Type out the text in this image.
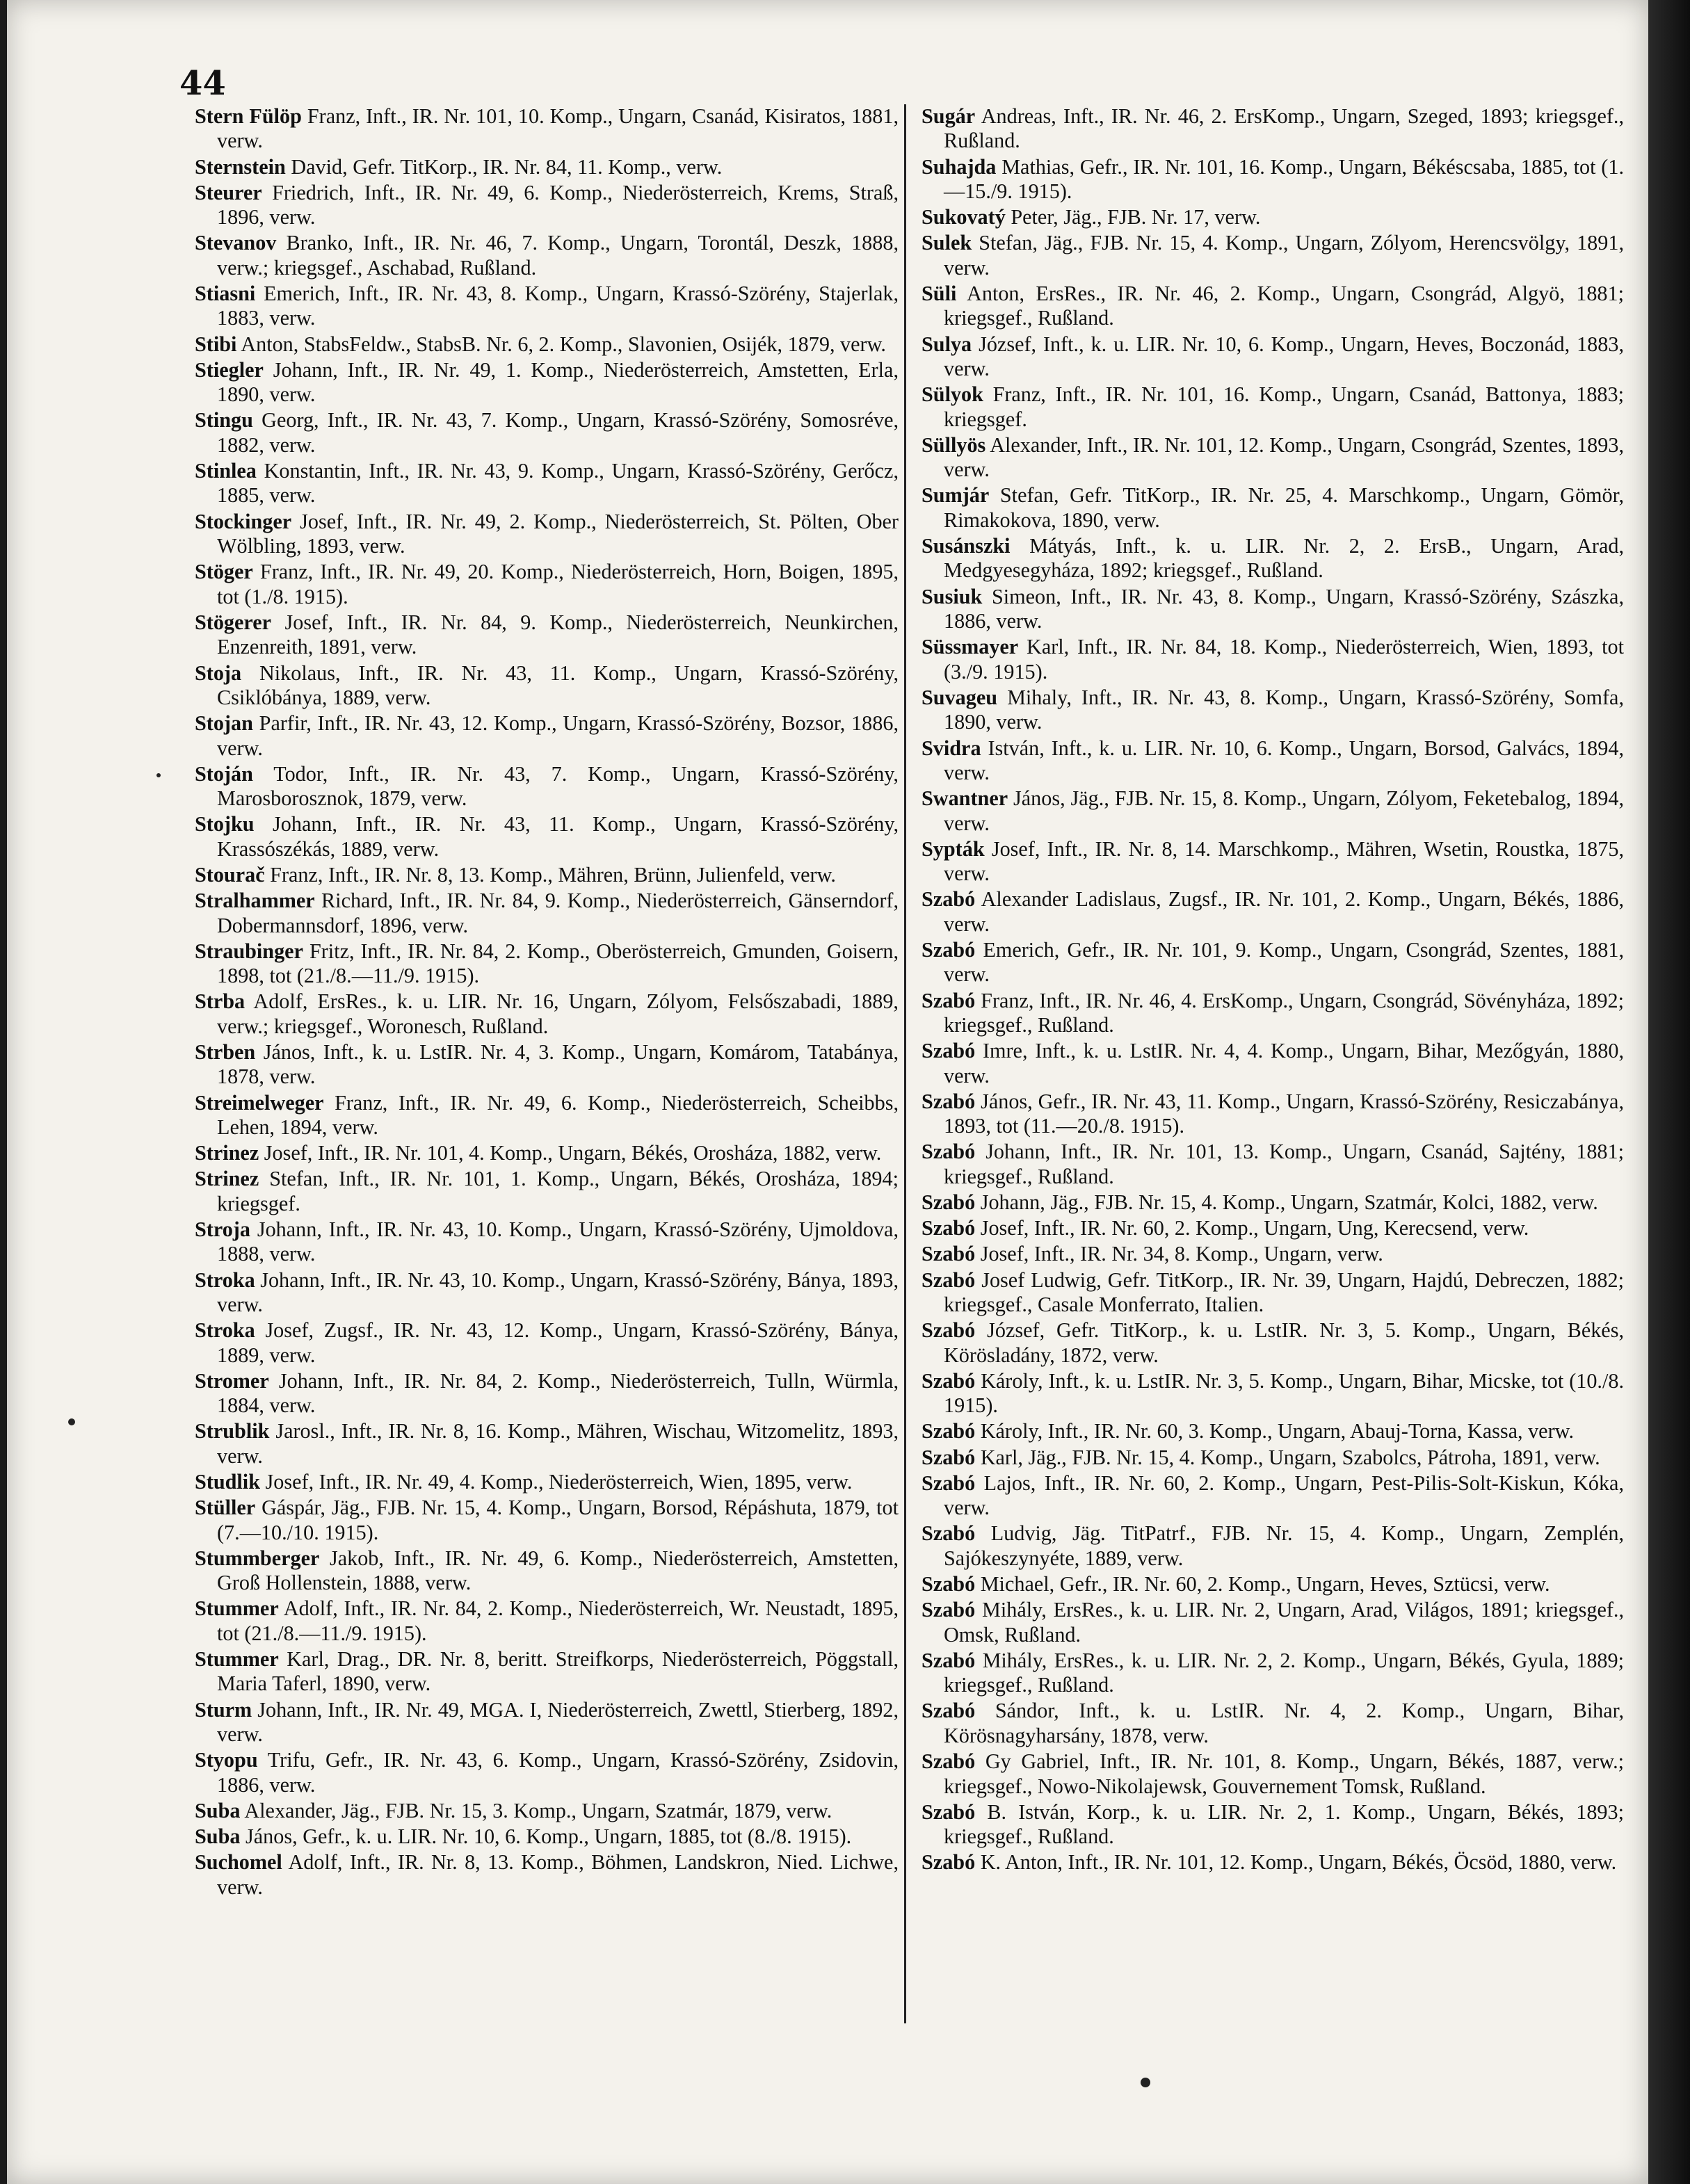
44

Stern Fülöp Franz, Inft., IR. Nr. 101, 10. Komp., Ungarn, Csanád, Kisiratos, 1881, verw.

Sternstein David, Gefr. TitKorp., IR. Nr. 84, 11. Komp., verw.

Steurer Friedrich, Inft., IR. Nr. 49, 6. Komp., Niederösterreich, Krems, Straß, 1896, verw.

Stevanov Branko, Inft., IR. Nr. 46, 7. Komp., Ungarn, Torontál, Deszk, 1888, verw.; kriegsgef., Aschabad, Rußland.

Stiasni Emerich, Inft., IR. Nr. 43, 8. Komp., Ungarn, Krassó-Szörény, Stajerlak, 1883, verw.

Stibi Anton, StabsFeldw., StabsB. Nr. 6, 2. Komp., Slavonien, Osijék, 1879, verw.

Stiegler Johann, Inft., IR. Nr. 49, 1. Komp., Niederösterreich, Amstetten, Erla, 1890, verw.

Stingu Georg, Inft., IR. Nr. 43, 7. Komp., Ungarn, Krassó-Szörény, Somosréve, 1882, verw.

Stinlea Konstantin, Inft., IR. Nr. 43, 9. Komp., Ungarn, Krassó-Szörény, Gerőcz, 1885, verw.

Stockinger Josef, Inft., IR. Nr. 49, 2. Komp., Niederösterreich, St. Pölten, Ober Wölbling, 1893, verw.

Stöger Franz, Inft., IR. Nr. 49, 20. Komp., Niederösterreich, Horn, Boigen, 1895, tot (1./8. 1915).

Stögerer Josef, Inft., IR. Nr. 84, 9. Komp., Niederösterreich, Neunkirchen, Enzenreith, 1891, verw.

Stoja Nikolaus, Inft., IR. Nr. 43, 11. Komp., Ungarn, Krassó-Szörény, Csiklóbánya, 1889, verw.

Stojan Parfir, Inft., IR. Nr. 43, 12. Komp., Ungarn, Krassó-Szörény, Bozsor, 1886, verw.

Stoján Todor, Inft., IR. Nr. 43, 7. Komp., Ungarn, Krassó-Szörény, Marosborosznok, 1879, verw.

Stojku Johann, Inft., IR. Nr. 43, 11. Komp., Ungarn, Krassó-Szörény, Krassószékás, 1889, verw.

Stourač Franz, Inft., IR. Nr. 8, 13. Komp., Mähren, Brünn, Julienfeld, verw.

Stralhammer Richard, Inft., IR. Nr. 84, 9. Komp., Niederösterreich, Gänserndorf, Dobermannsdorf, 1896, verw.

Straubinger Fritz, Inft., IR. Nr. 84, 2. Komp., Oberösterreich, Gmunden, Goisern, 1898, tot (21./8.—11./9. 1915).

Strba Adolf, ErsRes., k. u. LIR. Nr. 16, Ungarn, Zólyom, Felsőszabadi, 1889, verw.; kriegsgef., Woronesch, Rußland.

Strben János, Inft., k. u. LstIR. Nr. 4, 3. Komp., Ungarn, Komárom, Tatabánya, 1878, verw.

Streimelweger Franz, Inft., IR. Nr. 49, 6. Komp., Niederösterreich, Scheibbs, Lehen, 1894, verw.

Strinez Josef, Inft., IR. Nr. 101, 4. Komp., Ungarn, Békés, Orosháza, 1882, verw.

Strinez Stefan, Inft., IR. Nr. 101, 1. Komp., Ungarn, Békés, Orosháza, 1894; kriegsgef.

Stroja Johann, Inft., IR. Nr. 43, 10. Komp., Ungarn, Krassó-Szörény, Ujmoldova, 1888, verw.

Stroka Johann, Inft., IR. Nr. 43, 10. Komp., Ungarn, Krassó-Szörény, Bánya, 1893, verw.

Stroka Josef, Zugsf., IR. Nr. 43, 12. Komp., Ungarn, Krassó-Szörény, Bánya, 1889, verw.

Stromer Johann, Inft., IR. Nr. 84, 2. Komp., Niederösterreich, Tulln, Würmla, 1884, verw.

Strublik Jarosl., Inft., IR. Nr. 8, 16. Komp., Mähren, Wischau, Witzomelitz, 1893, verw.

Studlik Josef, Inft., IR. Nr. 49, 4. Komp., Niederösterreich, Wien, 1895, verw.

Stüller Gáspár, Jäg., FJB. Nr. 15, 4. Komp., Ungarn, Borsod, Répáshuta, 1879, tot (7.—10./10. 1915).

Stummberger Jakob, Inft., IR. Nr. 49, 6. Komp., Niederösterreich, Amstetten, Groß Hollenstein, 1888, verw.

Stummer Adolf, Inft., IR. Nr. 84, 2. Komp., Niederösterreich, Wr. Neustadt, 1895, tot (21./8.—11./9. 1915).

Stummer Karl, Drag., DR. Nr. 8, beritt. Streifkorps, Niederösterreich, Pöggstall, Maria Taferl, 1890, verw.

Sturm Johann, Inft., IR. Nr. 49, MGA. I, Niederösterreich, Zwettl, Stierberg, 1892, verw.

Styopu Trifu, Gefr., IR. Nr. 43, 6. Komp., Ungarn, Krassó-Szörény, Zsidovin, 1886, verw.

Suba Alexander, Jäg., FJB. Nr. 15, 3. Komp., Ungarn, Szatmár, 1879, verw.

Suba János, Gefr., k. u. LIR. Nr. 10, 6. Komp., Ungarn, 1885, tot (8./8. 1915).

Suchomel Adolf, Inft., IR. Nr. 8, 13. Komp., Böhmen, Landskron, Nied. Lichwe, verw.

Sugár Andreas, Inft., IR. Nr. 46, 2. ErsKomp., Ungarn, Szeged, 1893; kriegsgef., Rußland.

Suhajda Mathias, Gefr., IR. Nr. 101, 16. Komp., Ungarn, Békéscsaba, 1885, tot (1.—15./9. 1915).

Sukovatý Peter, Jäg., FJB. Nr. 17, verw.

Sulek Stefan, Jäg., FJB. Nr. 15, 4. Komp., Ungarn, Zólyom, Herencsvölgy, 1891, verw.

Süli Anton, ErsRes., IR. Nr. 46, 2. Komp., Ungarn, Csongrád, Algyö, 1881; kriegsgef., Rußland.

Sulya József, Inft., k. u. LIR. Nr. 10, 6. Komp., Ungarn, Heves, Boczonád, 1883, verw.

Sülyok Franz, Inft., IR. Nr. 101, 16. Komp., Ungarn, Csanád, Battonya, 1883; kriegsgef.

Süllyös Alexander, Inft., IR. Nr. 101, 12. Komp., Ungarn, Csongrád, Szentes, 1893, verw.

Sumjár Stefan, Gefr. TitKorp., IR. Nr. 25, 4. Marschkomp., Ungarn, Gömör, Rimakokova, 1890, verw.

Susánszki Mátyás, Inft., k. u. LIR. Nr. 2, 2. ErsB., Ungarn, Arad, Medgyesegyháza, 1892; kriegsgef., Rußland.

Susiuk Simeon, Inft., IR. Nr. 43, 8. Komp., Ungarn, Krassó-Szörény, Szászka, 1886, verw.

Süssmayer Karl, Inft., IR. Nr. 84, 18. Komp., Niederösterreich, Wien, 1893, tot (3./9. 1915).

Suvageu Mihaly, Inft., IR. Nr. 43, 8. Komp., Ungarn, Krassó-Szörény, Somfa, 1890, verw.

Svidra István, Inft., k. u. LIR. Nr. 10, 6. Komp., Ungarn, Borsod, Galvács, 1894, verw.

Swantner János, Jäg., FJB. Nr. 15, 8. Komp., Ungarn, Zólyom, Feketebalog, 1894, verw.

Sypták Josef, Inft., IR. Nr. 8, 14. Marschkomp., Mähren, Wsetin, Roustka, 1875, verw.

Szabó Alexander Ladislaus, Zugsf., IR. Nr. 101, 2. Komp., Ungarn, Békés, 1886, verw.

Szabó Emerich, Gefr., IR. Nr. 101, 9. Komp., Ungarn, Csongrád, Szentes, 1881, verw.

Szabó Franz, Inft., IR. Nr. 46, 4. ErsKomp., Ungarn, Csongrád, Sövényháza, 1892; kriegsgef., Rußland.

Szabó Imre, Inft., k. u. LstIR. Nr. 4, 4. Komp., Ungarn, Bihar, Mezőgyán, 1880, verw.

Szabó János, Gefr., IR. Nr. 43, 11. Komp., Ungarn, Krassó-Szörény, Resiczabánya, 1893, tot (11.—20./8. 1915).

Szabó Johann, Inft., IR. Nr. 101, 13. Komp., Ungarn, Csanád, Sajtény, 1881; kriegsgef., Rußland.

Szabó Johann, Jäg., FJB. Nr. 15, 4. Komp., Ungarn, Szatmár, Kolci, 1882, verw.

Szabó Josef, Inft., IR. Nr. 60, 2. Komp., Ungarn, Ung, Kerecsend, verw.

Szabó Josef, Inft., IR. Nr. 34, 8. Komp., Ungarn, verw.

Szabó Josef Ludwig, Gefr. TitKorp., IR. Nr. 39, Ungarn, Hajdú, Debreczen, 1882; kriegsgef., Casale Monferrato, Italien.

Szabó József, Gefr. TitKorp., k. u. LstIR. Nr. 3, 5. Komp., Ungarn, Békés, Körösladány, 1872, verw.

Szabó Károly, Inft., k. u. LstIR. Nr. 3, 5. Komp., Ungarn, Bihar, Micske, tot (10./8. 1915).

Szabó Károly, Inft., IR. Nr. 60, 3. Komp., Ungarn, Abauj-Torna, Kassa, verw.

Szabó Karl, Jäg., FJB. Nr. 15, 4. Komp., Ungarn, Szabolcs, Pátroha, 1891, verw.

Szabó Lajos, Inft., IR. Nr. 60, 2. Komp., Ungarn, Pest-Pilis-Solt-Kiskun, Kóka, verw.

Szabó Ludvig, Jäg. TitPatrf., FJB. Nr. 15, 4. Komp., Ungarn, Zemplén, Sajókeszynyéte, 1889, verw.

Szabó Michael, Gefr., IR. Nr. 60, 2. Komp., Ungarn, Heves, Sztücsi, verw.

Szabó Mihály, ErsRes., k. u. LIR. Nr. 2, Ungarn, Arad, Világos, 1891; kriegsgef., Omsk, Rußland.

Szabó Mihály, ErsRes., k. u. LIR. Nr. 2, 2. Komp., Ungarn, Békés, Gyula, 1889; kriegsgef., Rußland.

Szabó Sándor, Inft., k. u. LstIR. Nr. 4, 2. Komp., Ungarn, Bihar, Körösnagyharsány, 1878, verw.

Szabó Gy Gabriel, Inft., IR. Nr. 101, 8. Komp., Ungarn, Békés, 1887, verw.; kriegsgef., Nowo-Nikolajewsk, Gouvernement Tomsk, Rußland.

Szabó B. István, Korp., k. u. LIR. Nr. 2, 1. Komp., Ungarn, Békés, 1893; kriegsgef., Rußland.

Szabó K. Anton, Inft., IR. Nr. 101, 12. Komp., Ungarn, Békés, Öcsöd, 1880, verw.
